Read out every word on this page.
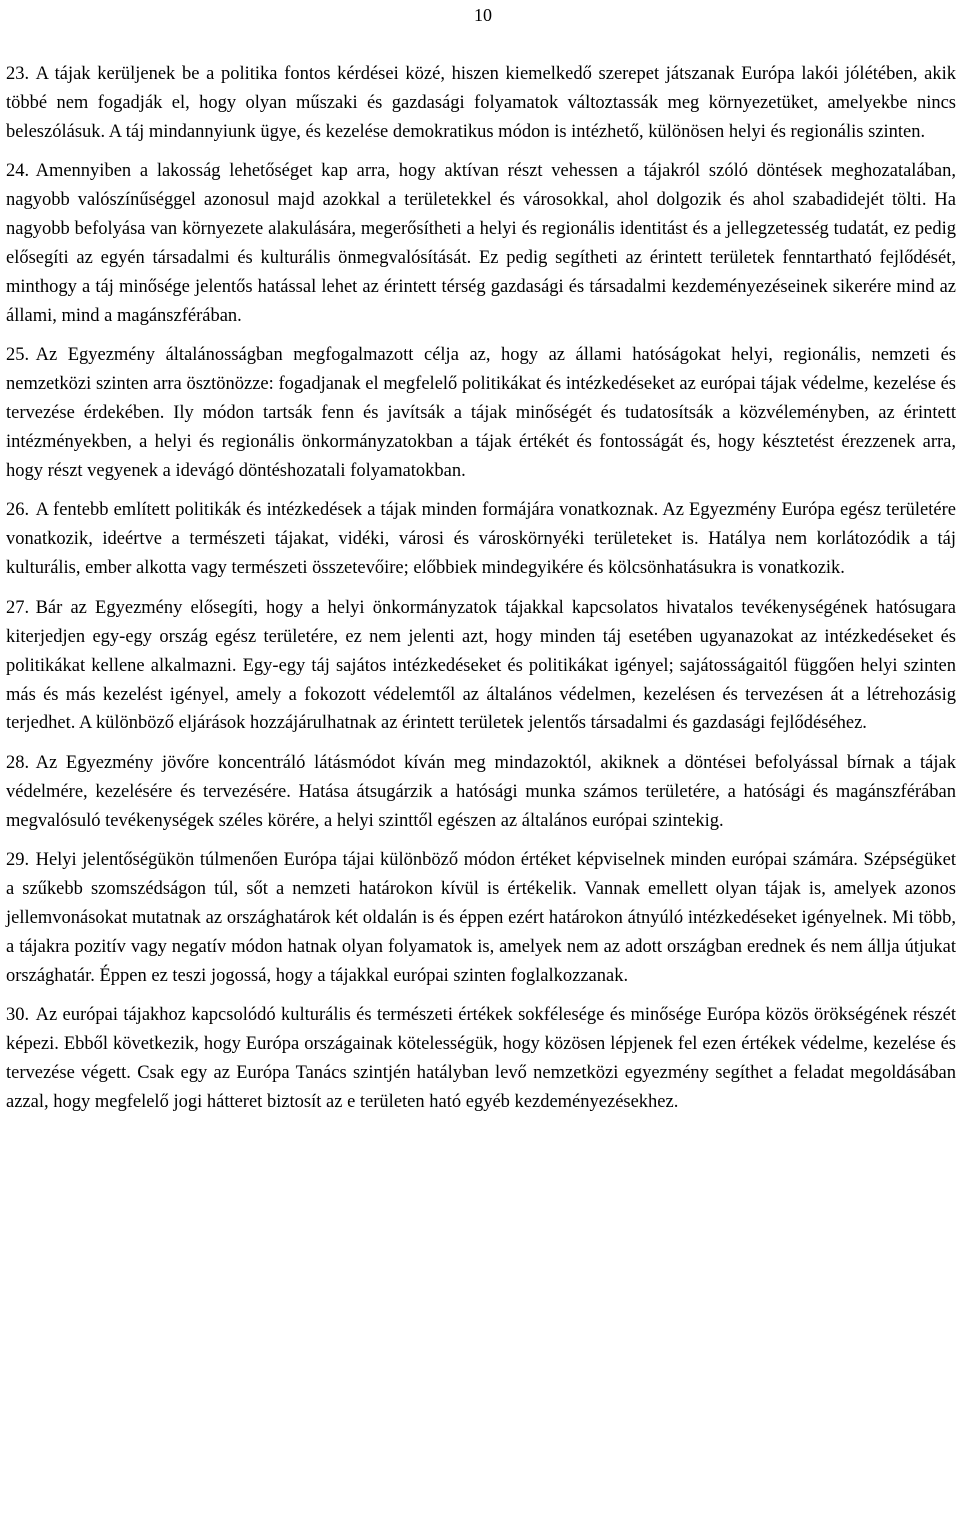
10

23. A tájak kerüljenek be a politika fontos kérdései közé, hiszen kiemelkedő szerepet játszanak Európa lakói jólétében, akik többé nem fogadják el, hogy olyan műszaki és gazdasági folyamatok változtassák meg környezetüket, amelyekbe nincs beleszólásuk. A táj mindannyiunk ügye, és kezelése demokratikus módon is intézhető, különösen helyi és regionális szinten.

24. Amennyiben a lakosság lehetőséget kap arra, hogy aktívan részt vehessen a tájakról szóló döntések meghozatalában, nagyobb valószínűséggel azonosul majd azokkal a területekkel és városokkal, ahol dolgozik és ahol szabadidejét tölti. Ha nagyobb befolyása van környezete alakulására, megerősítheti a helyi és regionális identitást és a jellegzetesség tudatát, ez pedig elősegíti az egyén társadalmi és kulturális önmegvalósítását. Ez pedig segítheti az érintett területek fenntartható fejlődését, minthogy a táj minősége jelentős hatással lehet az érintett térség gazdasági és társadalmi kezdeményezéseinek sikerére mind az állami, mind a magánszférában.

25. Az Egyezmény általánosságban megfogalmazott célja az, hogy az állami hatóságokat helyi, regionális, nemzeti és nemzetközi szinten arra ösztönözze: fogadjanak el megfelelő politikákat és intézkedéseket az európai tájak védelme, kezelése és tervezése érdekében. Ily módon tartsák fenn és javítsák a tájak minőségét és tudatosítsák a közvéleményben, az érintett intézményekben, a helyi és regionális önkormányzatokban a tájak értékét és fontosságát és, hogy késztetést érezzenek arra, hogy részt vegyenek a idevágó döntéshozatali folyamatokban.

26. A fentebb említett politikák és intézkedések a tájak minden formájára vonatkoznak. Az Egyezmény Európa egész területére vonatkozik, ideértve a természeti tájakat, vidéki, városi és városkörnyéki területeket is. Hatálya nem korlátozódik a táj kulturális, ember alkotta vagy természeti összetevőire; előbbiek mindegyikére és kölcsönhatásukra is vonatkozik.

27. Bár az Egyezmény elősegíti, hogy a helyi önkormányzatok tájakkal kapcsolatos hivatalos tevékenységének hatósugara kiterjedjen egy-egy ország egész területére, ez nem jelenti azt, hogy minden táj esetében ugyanazokat az intézkedéseket és politikákat kellene alkalmazni. Egy-egy táj sajátos intézkedéseket és politikákat igényel; sajátosságaitól függően helyi szinten más és más kezelést igényel, amely a fokozott védelemtől az általános védelmen, kezelésen és tervezésen át a létrehozásig terjedhet. A különböző eljárások hozzájárulhatnak az érintett területek jelentős társadalmi és gazdasági fejlődéséhez.

28. Az Egyezmény jövőre koncentráló látásmódot kíván meg mindazoktól, akiknek a döntései befolyással bírnak a tájak védelmére, kezelésére és tervezésére. Hatása átsugárzik a hatósági munka számos területére, a hatósági és magánszférában megvalósuló tevékenységek széles körére, a helyi szinttől egészen az általános európai szintekig.

29. Helyi jelentőségükön túlmenően Európa tájai különböző módon értéket képviselnek minden európai számára. Szépségüket a szűkebb szomszédságon túl, sőt a nemzeti határokon kívül is értékelik. Vannak emellett olyan tájak is, amelyek azonos jellemvonásokat mutatnak az országhatárok két oldalán is és éppen ezért határokon átnyúló intézkedéseket igényelnek. Mi több, a tájakra pozitív vagy negatív módon hatnak olyan folyamatok is, amelyek nem az adott országban erednek és nem állja útjukat országhatár. Éppen ez teszi jogossá, hogy a tájakkal európai szinten foglalkozzanak.

30. Az európai tájakhoz kapcsolódó kulturális és természeti értékek sokfélesége és minősége Európa közös örökségének részét képezi. Ebből következik, hogy Európa országainak kötelességük, hogy közösen lépjenek fel ezen értékek védelme, kezelése és tervezése végett. Csak egy az Európa Tanács szintjén hatályban levő nemzetközi egyezmény segíthet a feladat megoldásában azzal, hogy megfelelő jogi hátteret biztosít az e területen ható egyéb kezdeményezésekhez.
